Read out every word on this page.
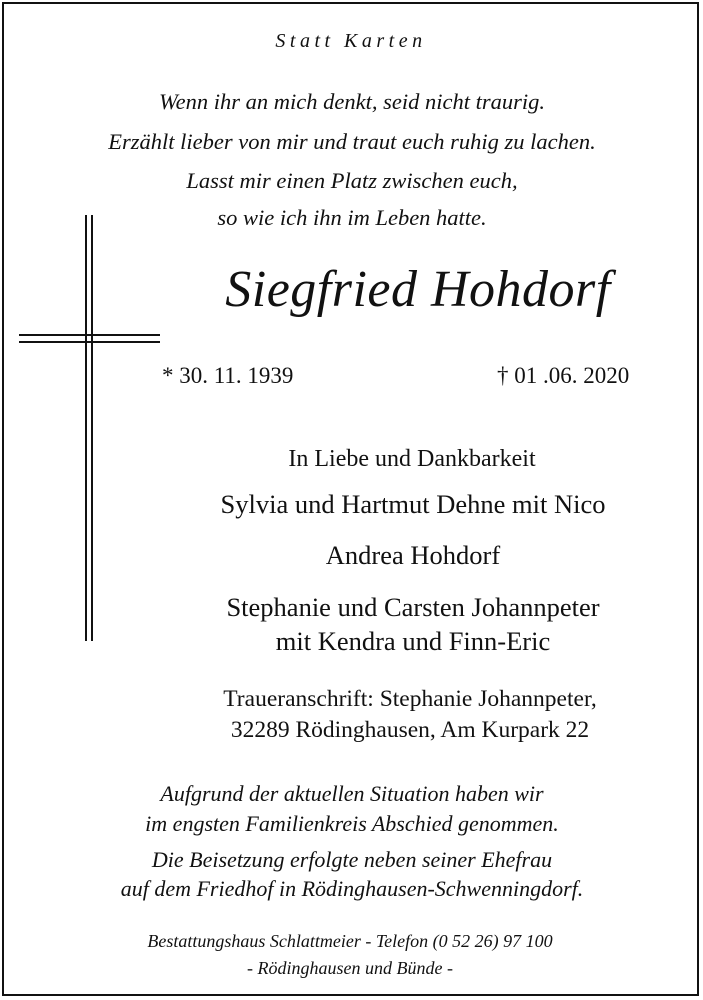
Statt Karten
Wenn ihr an mich denkt, seid nicht traurig.
Erzählt lieber von mir und traut euch ruhig zu lachen.
Lasst mir einen Platz zwischen euch,
so wie ich ihn im Leben hatte.
Siegfried Hohdorf
* 30. 11. 1939	† 01 .06. 2020
In Liebe und Dankbarkeit
Sylvia und Hartmut Dehne mit Nico
Andrea Hohdorf
Stephanie und Carsten Johannpeter
mit Kendra und Finn-Eric
Traueranschrift: Stephanie Johannpeter,
32289 Rödinghausen, Am Kurpark 22
Aufgrund der aktuellen Situation haben wir
im engsten Familienkreis Abschied genommen.
Die Beisetzung erfolgte neben seiner Ehefrau
auf dem Friedhof in Rödinghausen-Schwenningdorf.
Bestattungshaus Schlattmeier - Telefon (0 52 26) 97 100
- Rödinghausen und Bünde -
